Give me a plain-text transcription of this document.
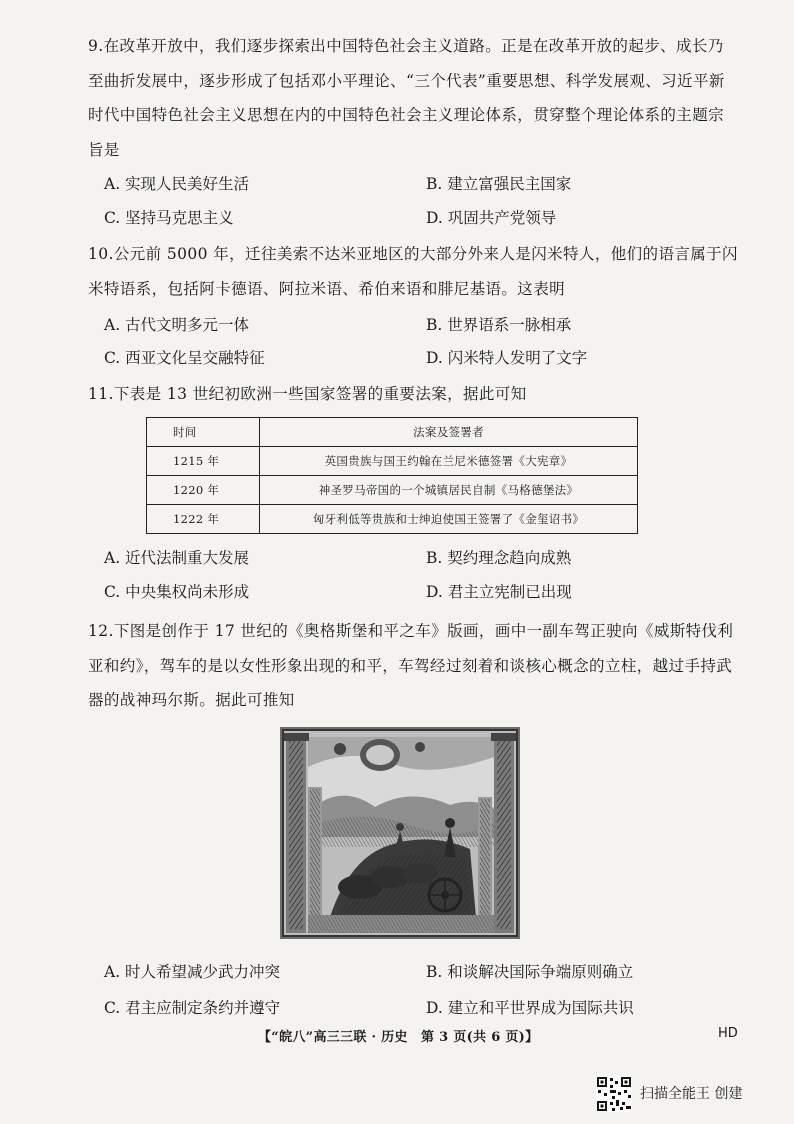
9.在改革开放中，我们逐步探索出中国特色社会主义道路。正是在改革开放的起步、成长乃至曲折发展中，逐步形成了包括邓小平理论、“三个代表”重要思想、科学发展观、习近平新时代中国特色社会主义思想在内的中国特色社会主义理论体系，贯穿整个理论体系的主题宗旨是

A. 实现人民美好生活	B. 建立富强民主国家
C. 坚持马克思主义	D. 巩固共产党领导

10.公元前 5000 年，迁往美索不达米亚地区的大部分外来人是闪米特人，他们的语言属于闪米特语系，包括阿卡德语、阿拉米语、希伯来语和腓尼基语。这表明

A. 古代文明多元一体	B. 世界语系一脉相承
C. 西亚文化呈交融特征	D. 闪米特人发明了文字

11.下表是 13 世纪初欧洲一些国家签署的重要法案，据此可知

时间	法案及签署者
1215 年	英国贵族与国王约翰在兰尼米德签署《大宪章》
1220 年	神圣罗马帝国的一个城镇居民自制《马格德堡法》
1222 年	匈牙利低等贵族和士绅迫使国王签署了《金玺诏书》
A. 近代法制重大发展	B. 契约理念趋向成熟
C. 中央集权尚未形成	D. 君主立宪制已出现

12.下图是创作于 17 世纪的《奥格斯堡和平之车》版画，画中一副车驾正驶向《威斯特伐利亚和约》，驾车的是以女性形象出现的和平，车驾经过刻着和谈核心概念的立柱，越过手持武器的战神玛尔斯。据此可推知

A. 时人希望减少武力冲突	B. 和谈解决国际争端原则确立
C. 君主应制定条约并遵守	D. 建立和平世界成为国际共识
【“皖八”高三三联 · 历史　第 3 页(共 6 页)】	HD
扫描全能王 创建
